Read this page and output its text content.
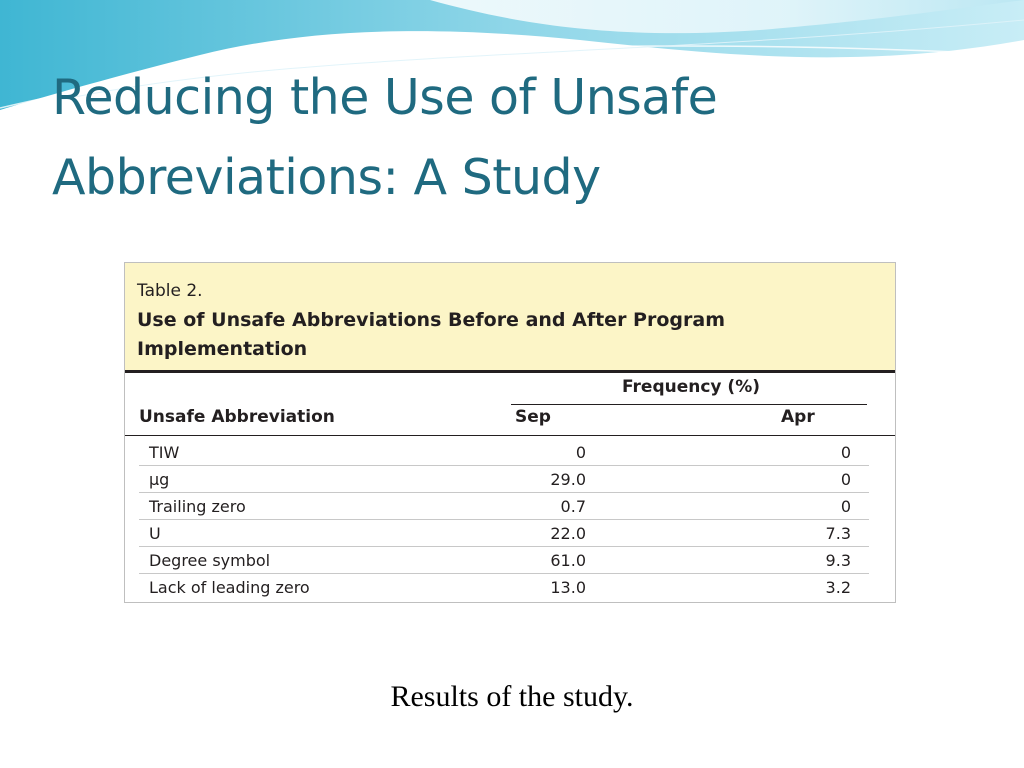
Reducing the Use of Unsafe
Abbreviations: A Study
Table 2.
Use of Unsafe Abbreviations Before and After Program
Implementation
Frequency (%)
Unsafe Abbreviation	Sep	Apr
TIW	0	0
μg	29.0	0
Trailing zero	0.7	0
U	22.0	7.3
Degree symbol	61.0	9.3
Lack of leading zero	13.0	3.2
Results of the study.
